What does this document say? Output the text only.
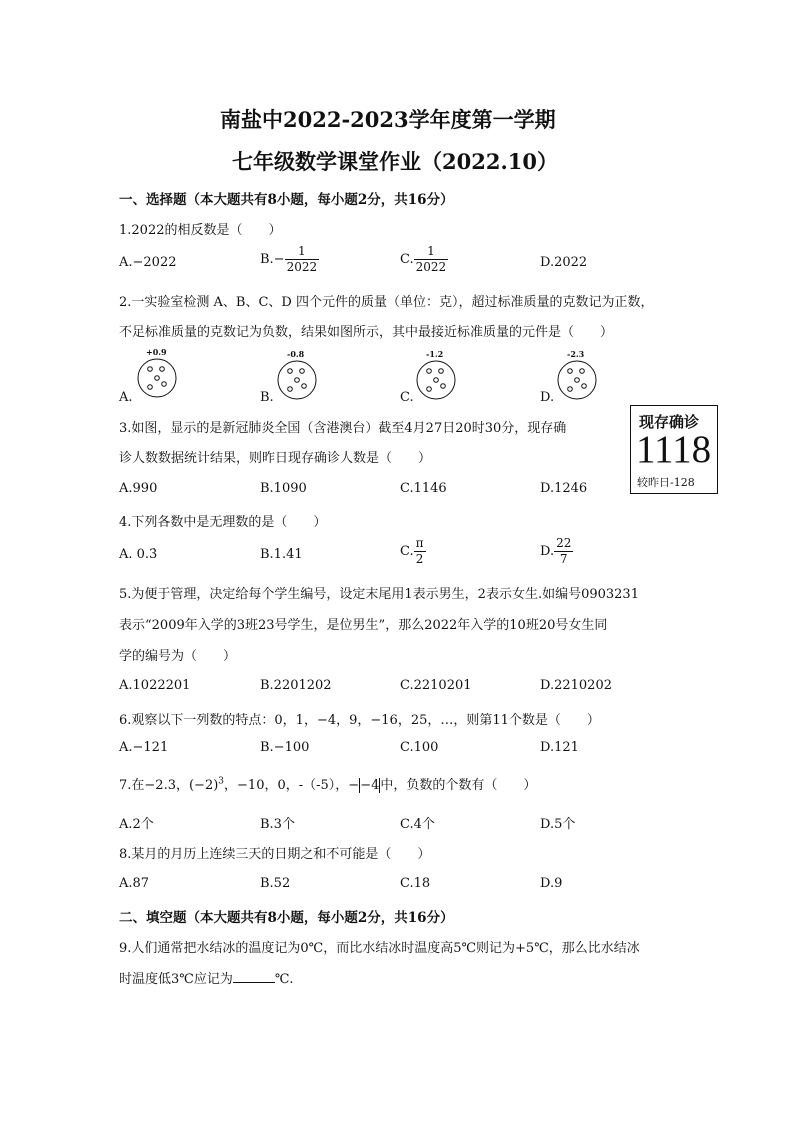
南盐中2022-2023学年度第一学期
七年级数学课堂作业（2022.10）
一、选择题（本大题共有8小题，每小题2分，共16分）
1.2022的相反数是（　　）
A.−2022	$B.- \frac{1}{2022}$	C. $\frac{1}{2022}$	D.2022
2.一实验室检测 A、B、C、D 四个元件的质量（单位：克），超过标准质量的克数记为正数，
不足标准质量的克数记为负数，结果如图所示，其中最接近标准质量的元件是（　　）
+0.9	-0.8	-1.2	-2.3
A.	B.	C.	D.
3.如图，显示的是新冠肺炎全国（含港澳台）截至4月27日20时30分，现存确
诊人数数据统计结果，则昨日现存确诊人数是（　　）
A.990	B.1090	C.1146	D.1246
现存确诊
1118
较昨日-128
4.下列各数中是无理数的是（　　）
A. 0.3̇	B.1.41	C. $\frac{\pi}{2}$	D. $\frac{22}{7}$
5.为便于管理，决定给每个学生编号，设定末尾用1表示男生，2表示女生.如编号0903231
表示“2009年入学的3班23号学生，是位男生”，那么2022年入学的10班20号女生同
学的编号为（　　）
A.1022201	B.2201202	C.2210201	D.2210202
6.观察以下一列数的特点：0，1，−4，9，−16，25，…，则第11个数是（　　）
A.−121	B.−100	C.100	D.121
7.在−2.3，$(-2)^3$，−10，0，-（-5），−−4中，负数的个数有（　　）
A.2个	B.3个	C.4个	D.5个
8.某月的月历上连续三天的日期之和不可能是（　　）
A.87	B.52	C.18	D.9
二、填空题（本大题共有8小题，每小题2分，共16分）
9.人们通常把水结冰的温度记为0℃，而比水结冰时温度高5℃则记为+5℃，那么比水结冰
时温度低3℃应记为	℃.
